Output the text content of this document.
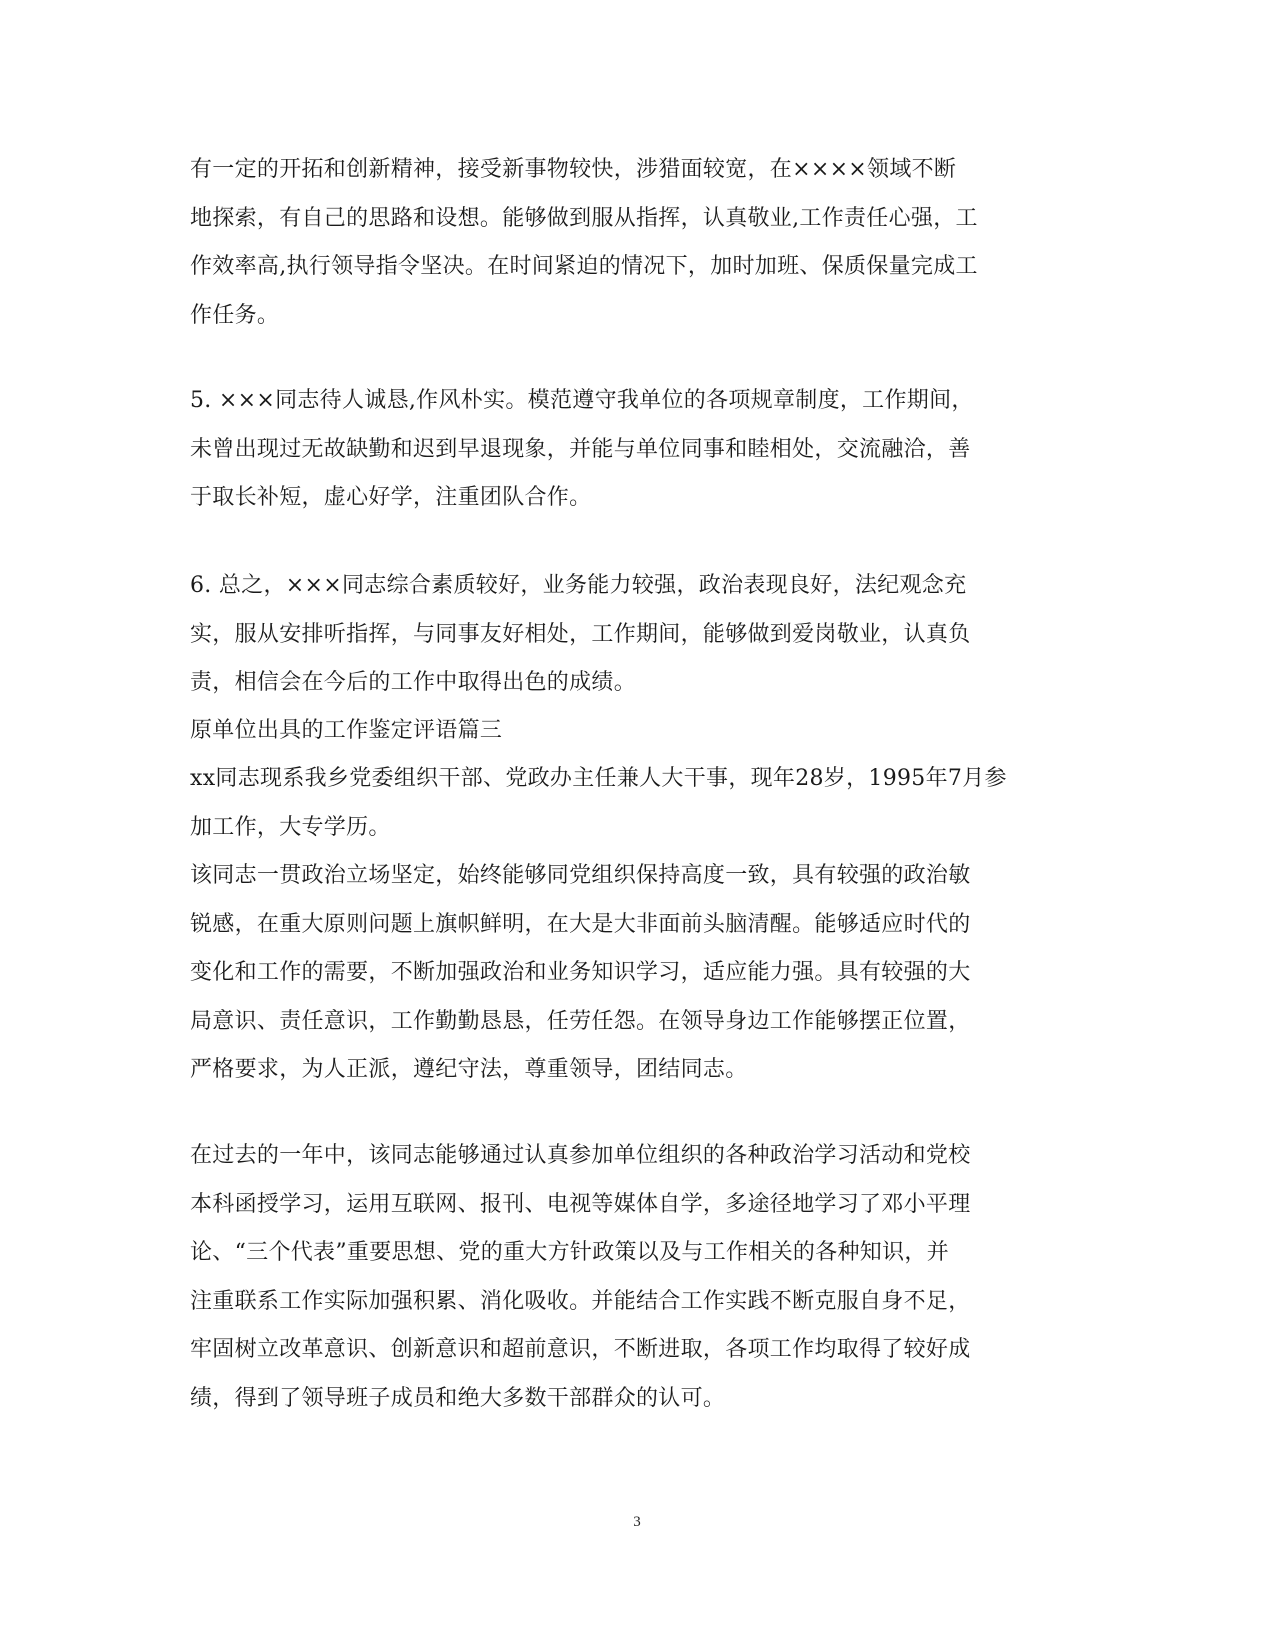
有一定的开拓和创新精神，接受新事物较快，涉猎面较宽，在××××领域不断
地探索，有自己的思路和设想。能够做到服从指挥，认真敬业,工作责任心强，工
作效率高,执行领导指令坚决。在时间紧迫的情况下，加时加班、保质保量完成工
作任务。
5. ×××同志待人诚恳,作风朴实。模范遵守我单位的各项规章制度，工作期间，
未曾出现过无故缺勤和迟到早退现象，并能与单位同事和睦相处，交流融洽，善
于取长补短，虚心好学，注重团队合作。
6. 总之，×××同志综合素质较好，业务能力较强，政治表现良好，法纪观念充
实，服从安排听指挥，与同事友好相处，工作期间，能够做到爱岗敬业，认真负
责，相信会在今后的工作中取得出色的成绩。
原单位出具的工作鉴定评语篇三
xx同志现系我乡党委组织干部、党政办主任兼人大干事，现年28岁，1995年7月参
加工作，大专学历。
该同志一贯政治立场坚定，始终能够同党组织保持高度一致，具有较强的政治敏
锐感，在重大原则问题上旗帜鲜明，在大是大非面前头脑清醒。能够适应时代的
变化和工作的需要，不断加强政治和业务知识学习，适应能力强。具有较强的大
局意识、责任意识，工作勤勤恳恳，任劳任怨。在领导身边工作能够摆正位置，
严格要求，为人正派，遵纪守法，尊重领导，团结同志。
在过去的一年中，该同志能够通过认真参加单位组织的各种政治学习活动和党校
本科函授学习，运用互联网、报刊、电视等媒体自学，多途径地学习了邓小平理
论、“三个代表”重要思想、党的重大方针政策以及与工作相关的各种知识，并
注重联系工作实际加强积累、消化吸收。并能结合工作实践不断克服自身不足，
牢固树立改革意识、创新意识和超前意识，不断进取，各项工作均取得了较好成
绩，得到了领导班子成员和绝大多数干部群众的认可。
3
